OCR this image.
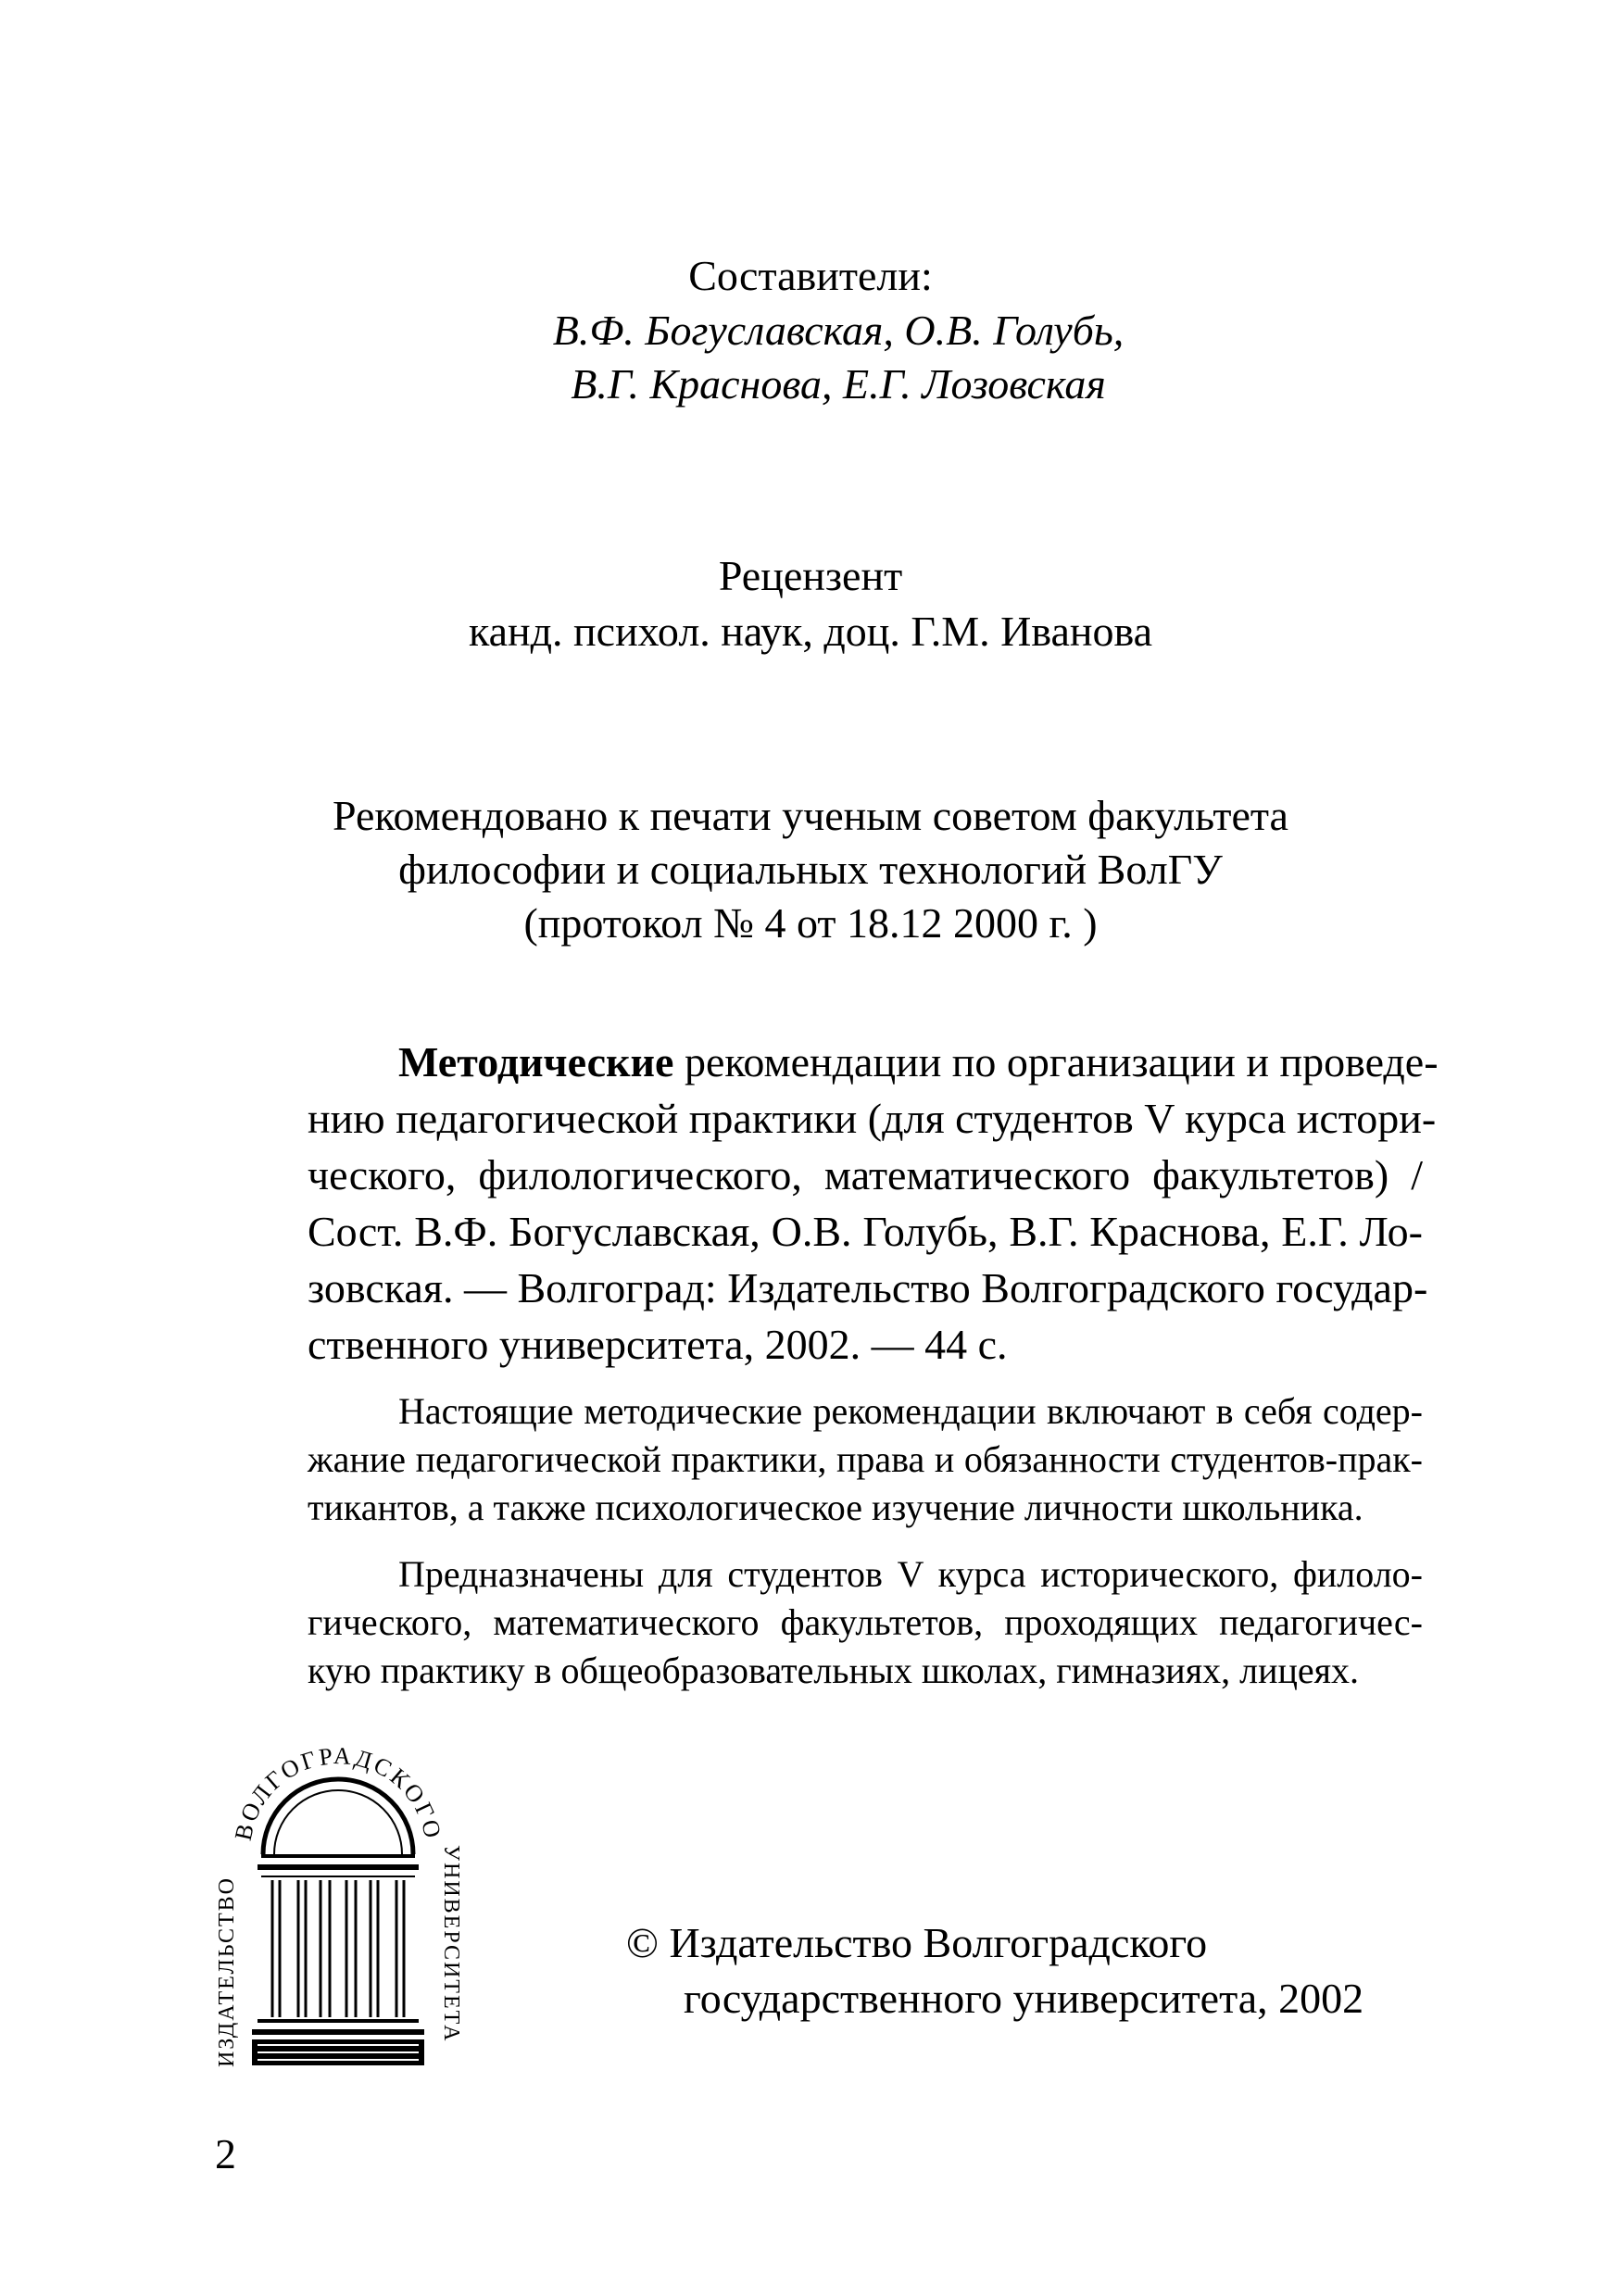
Составители:
В.Ф. Богуславская, О.В. Голубь,
В.Г. Краснова, Е.Г. Лозовская
Рецензент
канд. психол. наук, доц. Г.М. Иванова
Рекомендовано к печати ученым советом факультета
философии и социальных технологий ВолГУ
(протокол № 4 от 18.12 2000 г. )
Методические рекомендации по организации и проведе-
нию педагогической практики (для студентов V курса истори-
ческого, филологического, математического факультетов) /
Сост. В.Ф. Богуславская, О.В. Голубь, В.Г. Краснова, Е.Г. Ло-
зовская. — Волгоград: Издательство Волгоградского государ-
ственного университета, 2002. — 44 с.
Настоящие методические рекомендации включают в себя содер-
жание педагогической практики, права и обязанности студентов-прак-
тикантов, а также психологическое изучение личности школьника.
Предназначены для студентов V курса исторического, филоло-
гического, математического факультетов, проходящих педагогичес-
кую практику в общеобразовательных школах, гимназиях, лицеях.
ВОЛГОГРАДСКОГО
ИЗДАТЕЛЬСТВО	УНИВЕРСИТЕТА	© Издательство Волгоградского
государственного университета, 2002
2
